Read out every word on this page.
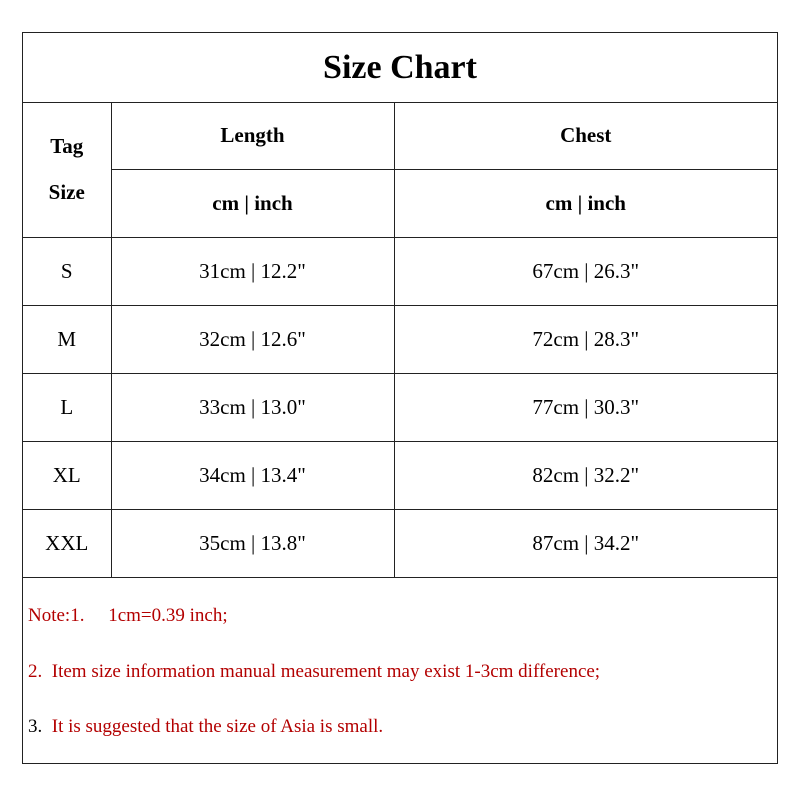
Size Chart
Tag
Size	Length	Chest
	cm | inch	cm | inch
S	31cm | 12.2"	67cm | 26.3"
M	32cm | 12.6"	72cm | 28.3"
L	33cm | 13.0"	77cm | 30.3"
XL	34cm | 13.4"	82cm | 32.2"
XXL	35cm | 13.8"	87cm | 34.2"
Note:1. 1cm=0.39 inch;
2. Item size information manual measurement may exist 1-3cm difference;
3. It is suggested that the size of Asia is small.
